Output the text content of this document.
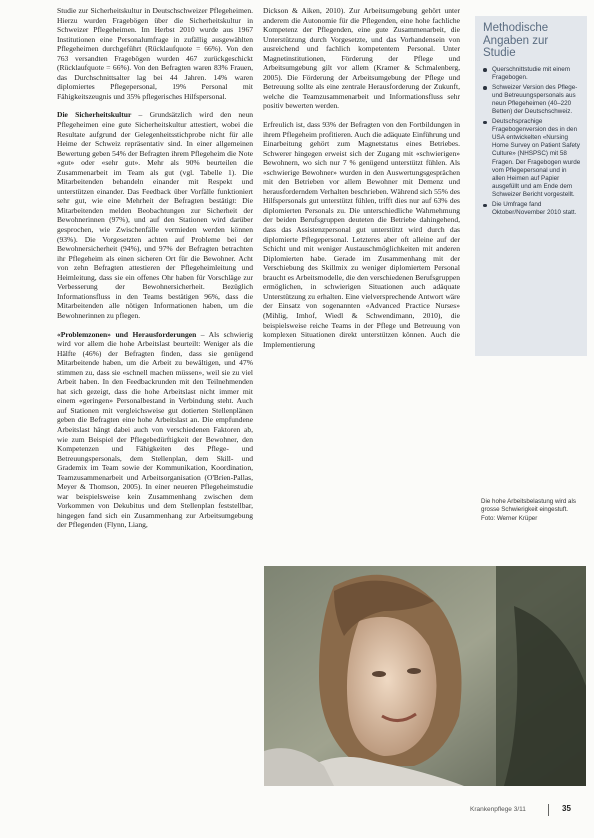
Studie zur Sicherheitskultur in Deutschschweizer Pflegeheimen. Hierzu wurden Fragebögen über die Sicherheitskultur in Schweizer Pflegeheimen. Im Herbst 2010 wurde aus 1967 Institutionen eine Personalumfrage in zufällig ausgewählten Pflegeheimen durchgeführt (Rücklaufquote = 66%). Von den 763 versandten Fragebögen wurden 467 zurückgeschickt (Rücklaufquote = 66%). Von den Befragten waren 83% Frauen, das Durchschnittsalter lag bei 44 Jahren. 14% waren diplomiertes Pflegepersonal, 19% Personal mit Fähigkeitszeugnis und 35% pflegerisches Hilfspersonal.

Die Sicherheitskultur – Grundsätzlich wird den neun Pflegeheimen eine gute Sicherheitskultur attestiert, wobei die Resultate aufgrund der Gelegenheitsstichprobe nicht für alle Heime der Schweiz repräsentativ sind. In einer allgemeinen Bewertung geben 54% der Befragten ihrem Pflegeheim die Note «gut» oder «sehr gut». Mehr als 90% beurteilen die Zusammenarbeit im Team als gut (vgl. Tabelle 1). Die Mitarbeitenden behandeln einander mit Respekt und unterstützen einander. Das Feedback über Vorfälle funktioniert sehr gut, wie eine Mehrheit der Befragten bestätigt: Die Mitarbeitenden melden Beobachtungen zur Sicherheit der Bewohnerinnen (97%), und auf den Stationen wird darüber gesprochen, wie Zwischenfälle vermieden werden können (93%). Die Vorgesetzten achten auf Probleme bei der Bewohnersicherheit (94%), und 97% der Befragten betrachten ihr Pflegeheim als einen sicheren Ort für die Bewohner. Acht von zehn Befragten attestieren der Pflegeheimleitung und Heimleitung, dass sie ein offenes Ohr haben für Vorschläge zur Verbesserung der Bewohnersicherheit. Bezüglich Informationsfluss in den Teams bestätigen 96%, dass die Mitarbeitenden alle nötigen Informationen haben, um die Bewohnerinnen zu pflegen.

«Problemzonen» und Herausforderungen – Als schwierig wird vor allem die hohe Arbeitslast beurteilt: Weniger als die Hälfte (46%) der Befragten finden, dass sie genügend Mitarbeitende haben, um die Arbeit zu bewältigen, und 47% stimmen zu, dass sie «schnell machen müssen», weil sie zu viel Arbeit haben. In den Feedbackrunden mit den Teilnehmenden hat sich gezeigt, dass die hohe Arbeitslast nicht immer mit einem «geringen» Personalbestand in Verbindung steht. Auch auf Stationen mit vergleichsweise gut dotierten Stellenplänen geben die Befragten eine hohe Arbeitslast an. Die empfundene Arbeitslast hängt dabei auch von verschiedenen Faktoren ab, wie zum Beispiel der Pflegebedürftigkeit der Bewohner, den Kompetenzen und Fähigkeiten des Pflege- und Betreuungspersonals, dem Stellenplan, dem Skill- und Grademix im Team sowie der Kommunikation, Koordination, Teamzusammenarbeit und Arbeitsorganisation (O'Brien-Pallas, Meyer & Thomson, 2005). In einer neueren Pflegeheimstudie war beispielsweise kein Zusammenhang zwischen dem Vorkommen von Dekubitus und dem Stellenplan feststellbar, hingegen fand sich ein Zusammenhang zur Arbeitsumgebung der Pflegenden (Flynn, Liang,

Dickson & Aiken, 2010). Zur Arbeitsumgebung gehört unter anderem die Autonomie für die Pflegenden, eine hohe fachliche Kompetenz der Pflegenden, eine gute Zusammenarbeit, die Unterstützung durch Vorgesetzte, und das Vorhandensein von ausreichend und fachlich kompetentem Personal. Unter Magnetinstitutionen, Förderung der Pflege und Arbeitsumgebung gilt vor allem (Kramer & Schmalenberg, 2005). Die Förderung der Arbeitsumgebung der Pflege und Betreuung sollte als eine zentrale Herausforderung der Zukunft, welche die Teamzusammenarbeit und Informationsfluss sehr positiv bewerten werden.

Erfreulich ist, dass 93% der Befragten von den Fortbildungen in ihrem Pflegeheim profitieren. Auch die adäquate Einführung und Einarbeitung gehört zum Magnetstatus eines Betriebes. Schwerer hingegen erweist sich der Zugang mit «schwierigen» Bewohnern, wo sich nur 7 % genügend unterstützt fühlen. Als «schwierige Bewohner» wurden in den Auswertungsgesprächen mit den Betrieben vor allem Bewohner mit Demenz und herausforderndem Verhalten beschrieben. Während sich 55% des Hilfspersonals gut unterstützt fühlen, trifft dies nur auf 63% des diplomierten Personals zu. Die unterschiedliche Wahrnehmung der beiden Berufsgruppen deuteten die Betriebe dahingehend, dass das Assistenzpersonal gut unterstützt wird durch das diplomierte Pflegepersonal. Letzteres aber oft alleine auf der Schicht und mit weniger Austauschmöglichkeiten mit anderen Diplomierten habe. Gerade im Zusammenhang mit der Verschiebung des Skillmix zu weniger diplomiertem Personal braucht es Arbeitsmodelle, die den verschiedenen Berufsgruppen ermöglichen, in schwierigen Situationen auch adäquate Unterstützung zu erhalten. Eine vielversprechende Antwort wäre der Einsatz von sogenannten «Advanced Practice Nurses» (Mihlig, Imhof, Wiedl & Schwendimann, 2010), die beispielsweise reiche Teams in der Pflege und Betreuung von komplexen Situationen direkt unterstützen können. Auch die Implementierung

Methodische Angaben zur Studie
Querschnittstudie mit einem Fragebogen.
Schweizer Version des Pflege- und Betreuungspersonals aus neun Pflegeheimen (40–220 Betten) der Deutschschweiz.
Deutschsprachige Fragebogenversion des in den USA entwickelten «Nursing Home Survey on Patient Safety Culture» (NHSPSC) mit 58 Fragen. Der Fragebogen wurde vom Pflegepersonal und in allen Heimen auf Papier ausgefüllt und am Ende dem Schweizer Bericht vorgestellt.
Die Umfrage fand Oktober/November 2010 statt.
Die hohe Arbeitsbelastung wird als grosse Schwierigkeit eingestuft.
Foto: Werner Krüper
Krankenpflege 3/11	35
